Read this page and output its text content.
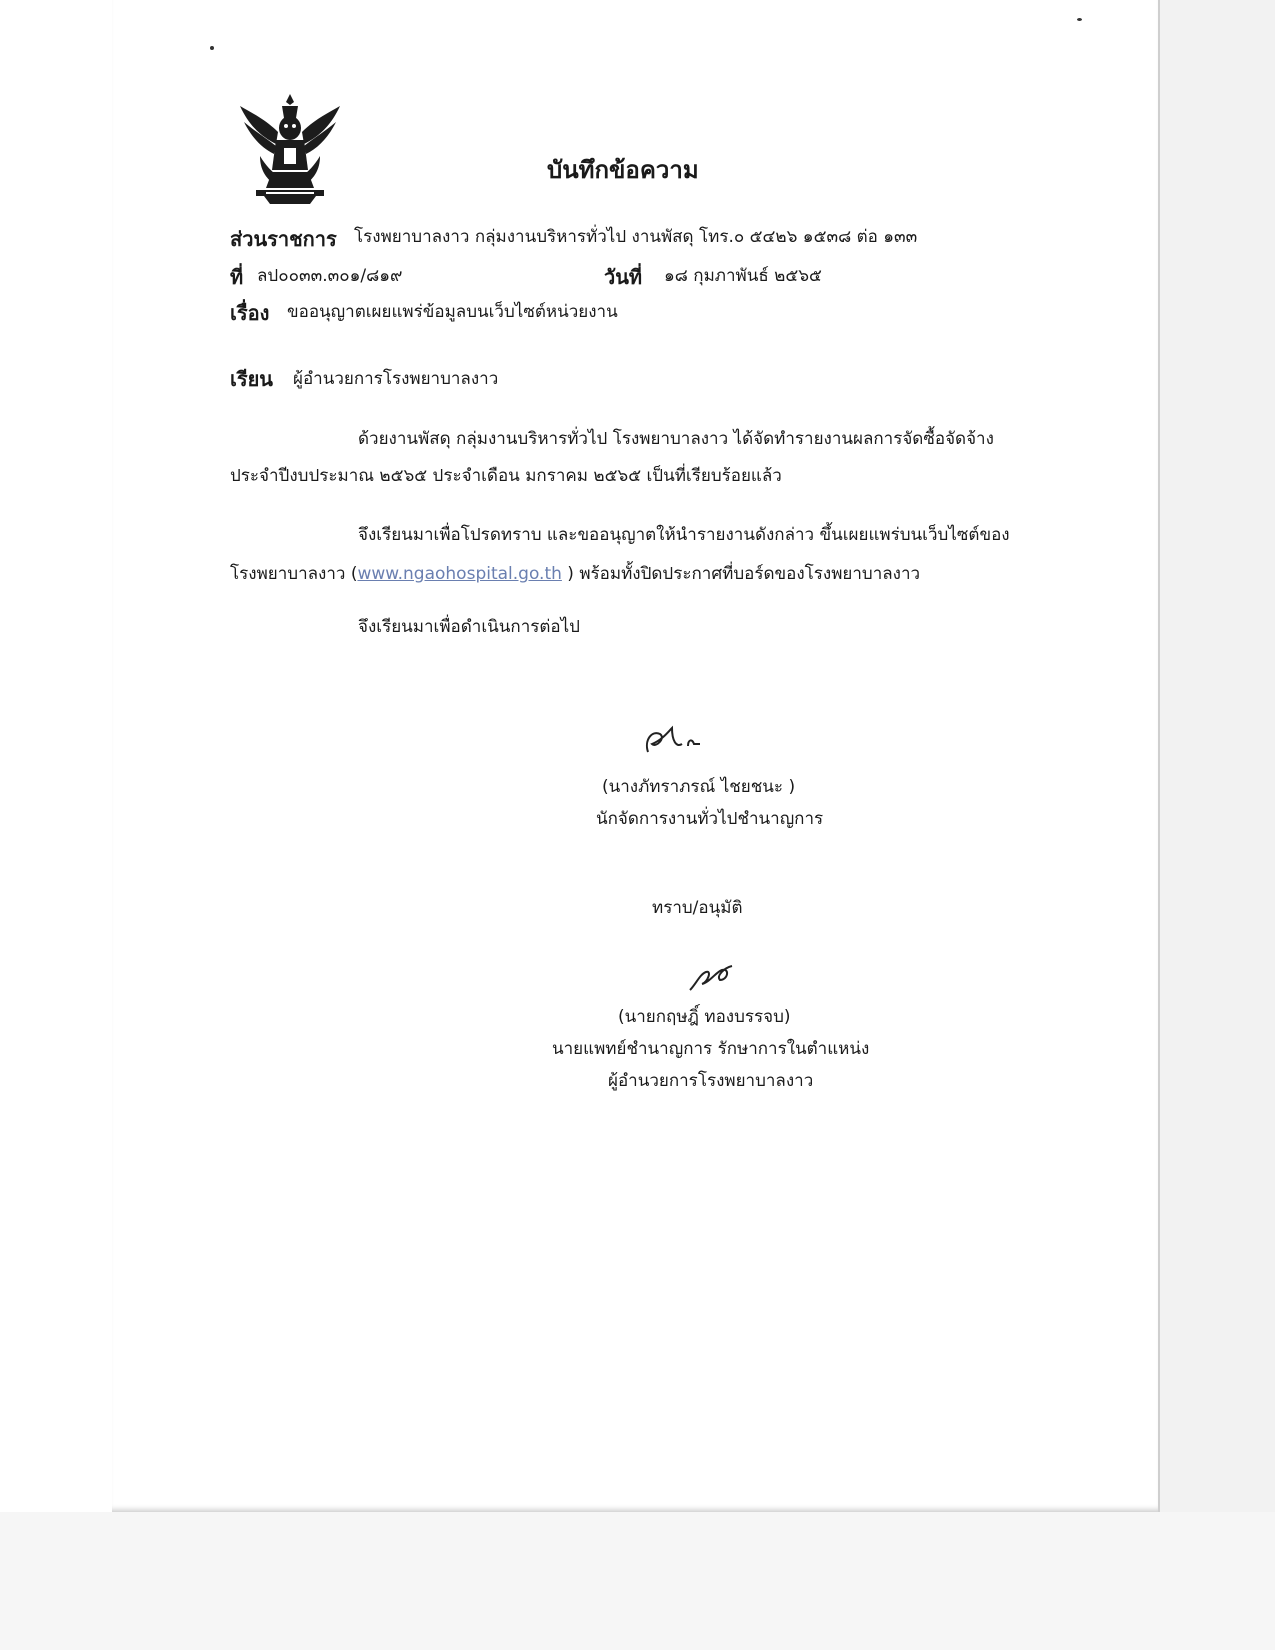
บันทึกข้อความ
ส่วนราชการ โรงพยาบาลงาว กลุ่มงานบริหารทั่วไป งานพัสดุ โทร.๐ ๕๔๒๖ ๑๕๓๘ ต่อ ๑๓๓
ที่ ลป๐๐๓๓.๓๐๑/๘๑๙	วันที่ ๑๘ กุมภาพันธ์ ๒๕๖๕
เรื่อง ขออนุญาตเผยแพร่ข้อมูลบนเว็บไซต์หน่วยงาน
เรียน ผู้อำนวยการโรงพยาบาลงาว
ด้วยงานพัสดุ กลุ่มงานบริหารทั่วไป โรงพยาบาลงาว ได้จัดทำรายงานผลการจัดซื้อจัดจ้าง
ประจำปีงบประมาณ ๒๕๖๕ ประจำเดือน มกราคม ๒๕๖๕ เป็นที่เรียบร้อยแล้ว
จึงเรียนมาเพื่อโปรดทราบ และขออนุญาตให้นำรายงานดังกล่าว ขึ้นเผยแพร่บนเว็บไซต์ของ
โรงพยาบาลงาว (www.ngaohospital.go.th ) พร้อมทั้งปิดประกาศที่บอร์ดของโรงพยาบาลงาว
จึงเรียนมาเพื่อดำเนินการต่อไป
(นางภัทราภรณ์ ไชยชนะ )
นักจัดการงานทั่วไปชำนาญการ
ทราบ/อนุมัติ
(นายกฤษฎิ์ ทองบรรจบ)
นายแพทย์ชำนาญการ รักษาการในตำแหน่ง
ผู้อำนวยการโรงพยาบาลงาว
